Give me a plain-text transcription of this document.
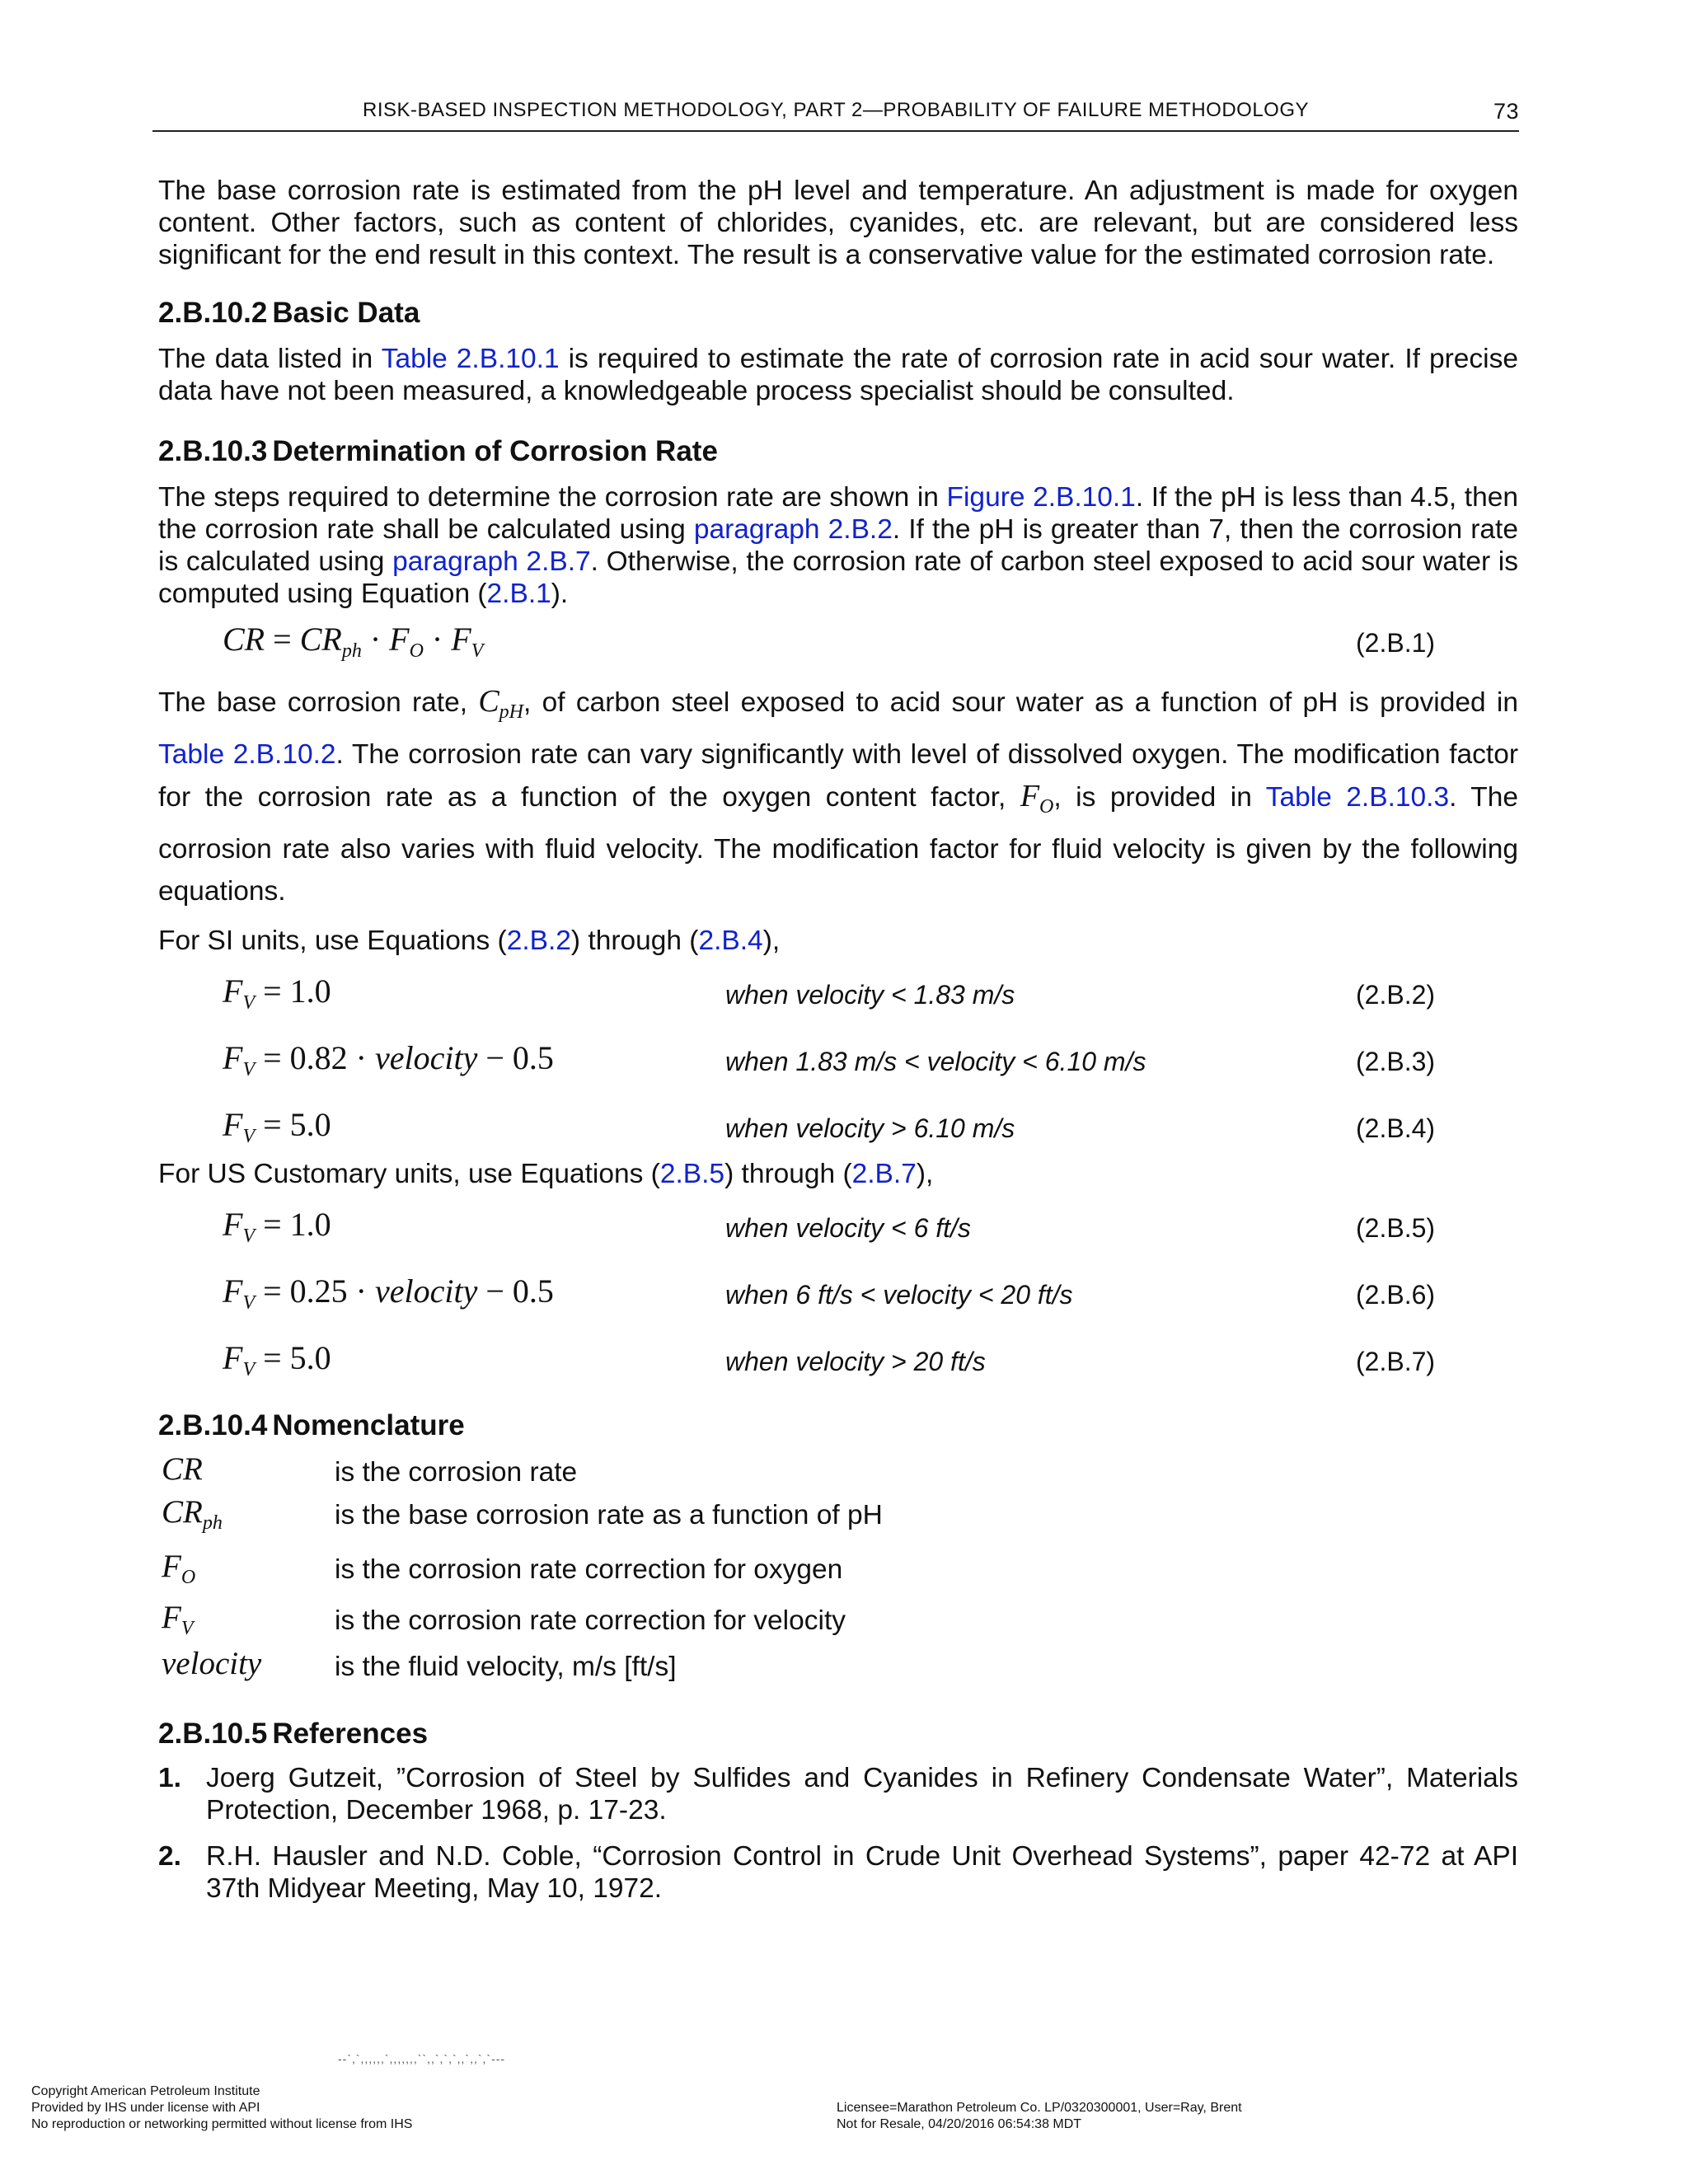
RISK-BASED INSPECTION METHODOLOGY, PART 2—PROBABILITY OF FAILURE METHODOLOGY	73

The base corrosion rate is estimated from the pH level and temperature. An adjustment is made for oxygen content. Other factors, such as content of chlorides, cyanides, etc. are relevant, but are considered less significant for the end result in this context. The result is a conservative value for the estimated corrosion rate.

2.B.10.2 Basic Data

The data listed in Table 2.B.10.1 is required to estimate the rate of corrosion rate in acid sour water. If precise data have not been measured, a knowledgeable process specialist should be consulted.

2.B.10.3 Determination of Corrosion Rate

The steps required to determine the corrosion rate are shown in Figure 2.B.10.1. If the pH is less than 4.5, then the corrosion rate shall be calculated using paragraph 2.B.2. If the pH is greater than 7, then the corrosion rate is calculated using paragraph 2.B.7. Otherwise, the corrosion rate of carbon steel exposed to acid sour water is computed using Equation (2.B.1).

CR = $CR_{ph} \cdot F_O \cdot F_V$	(2.B.1)

The base corrosion rate, $C_{pH}$, of carbon steel exposed to acid sour water as a function of pH is provided in Table 2.B.10.2. The corrosion rate can vary significantly with level of dissolved oxygen. The modification factor for the corrosion rate as a function of the oxygen content factor, $F_O$, is provided in Table 2.B.10.3. The corrosion rate also varies with fluid velocity. The modification factor for fluid velocity is given by the following equations.

For SI units, use Equations (2.B.2) through (2.B.4),

$F_V = 1.0$	when velocity < 1.83 m/s	(2.B.2)
$F_V = 0.82$ · velocity − 0.5	when 1.83 m/s < velocity < 6.10 m/s	(2.B.3)
$F_V = 5.0$	when velocity > 6.10 m/s	(2.B.4)

For US Customary units, use Equations (2.B.5) through (2.B.7),

$F_V = 1.0$	when velocity < 6 ft/s	(2.B.5)
$F_V = 0.25$ · velocity − 0.5	when 6 ft/s < velocity < 20 ft/s	(2.B.6)
$F_V = 5.0$	when velocity > 20 ft/s	(2.B.7)
2.B.10.4 Nomenclature
CR	is the corrosion rate
$CR_{ph}$	is the base corrosion rate as a function of pH
$F_O$	is the corrosion rate correction for oxygen
$F_V$	is the corrosion rate correction for velocity
velocity	is the fluid velocity, m/s [ft/s]
2.B.10.5 References
1. Joerg Gutzeit, ”Corrosion of Steel by Sulfides and Cyanides in Refinery Condensate Water”, Materials Protection, December 1968, p. 17-23.

2. R.H. Hausler and N.D. Coble, “Corrosion Control in Crude Unit Overhead Systems”, paper 42-72 at API 37th Midyear Meeting, May 10, 1972.

--`,`,,,,,,`,,,,,,,``,,`,`,`,,`,,`,`---
Copyright American Petroleum Institute
Provided by IHS under license with API
No reproduction or networking permitted without license from IHS
Licensee=Marathon Petroleum Co. LP/0320300001, User=Ray, Brent
Not for Resale, 04/20/2016 06:54:38 MDT
